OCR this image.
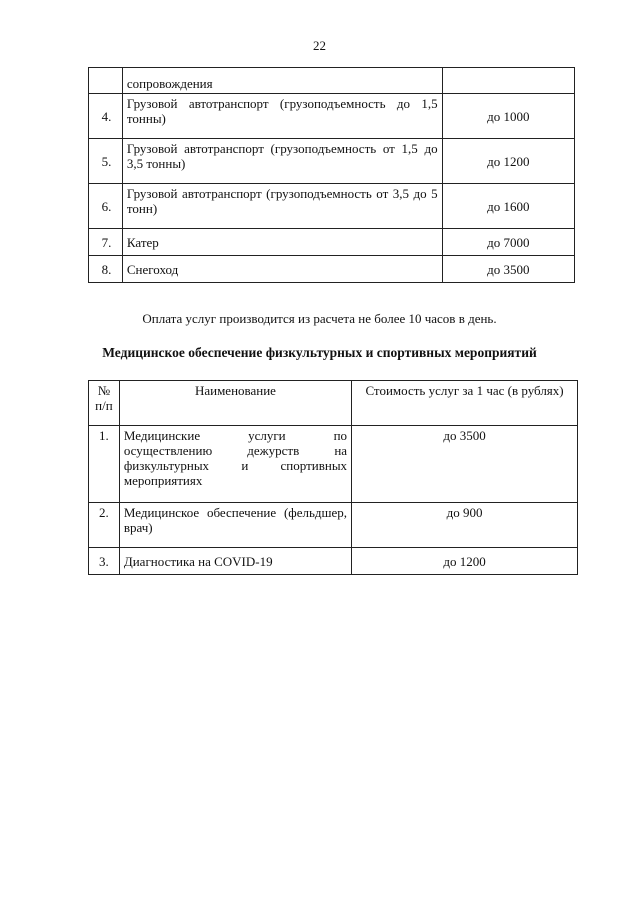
22
	сопровождения	
4.	Грузовой автотранспорт (грузоподъемность до 1,5 тонны)	до 1000
5.	Грузовой автотранспорт (грузоподъемность от 1,5 до 3,5 тонны)	до 1200
6.	Грузовой автотранспорт (грузоподъемность от 3,5 до 5 тонн)	до 1600
7.	Катер	до 7000
8.	Снегоход	до 3500
Оплата услуг производится из расчета не более 10 часов в день.
Медицинское обеспечение физкультурных и спортивных мероприятий
№ п/п	Наименование	Стоимость услуг за 1 час (в рублях)
1.	Медицинские услуги по осуществлению дежурств на физкультурных и спортивных мероприятиях	до 3500
2.	Медицинское обеспечение (фельдшер, врач)	до 900
3.	Диагностика на COVID-19	до 1200
